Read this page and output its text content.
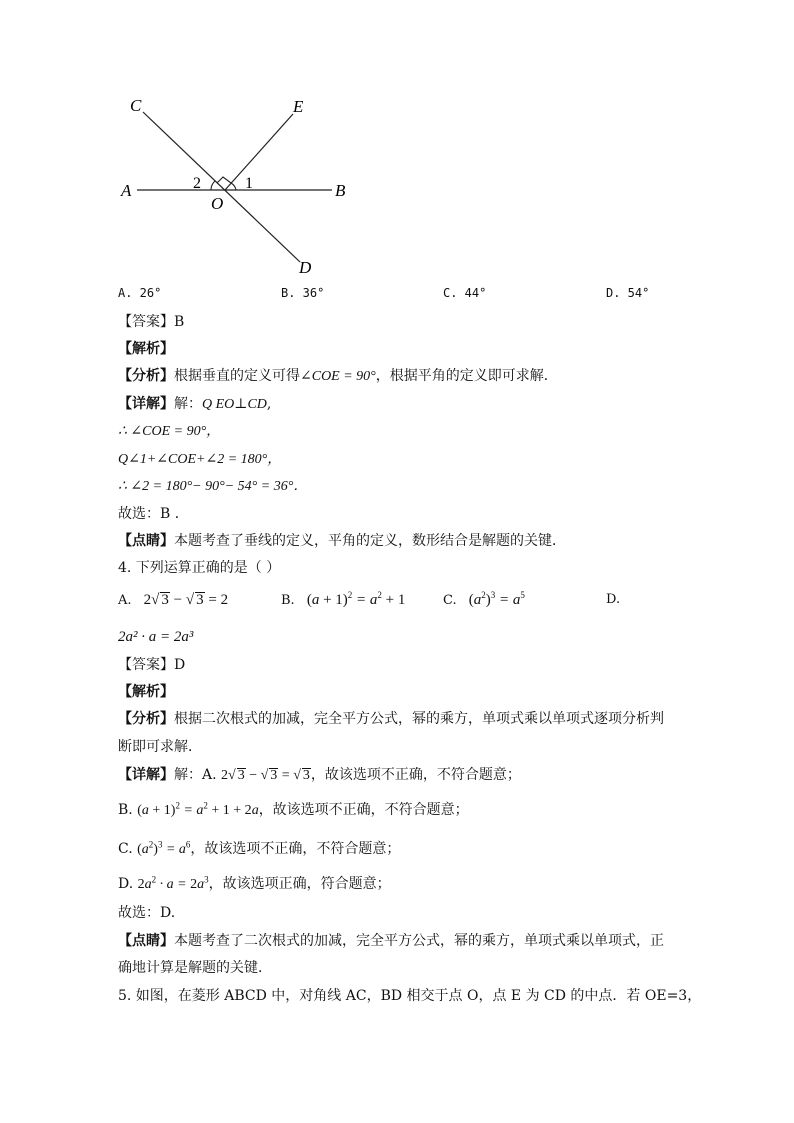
C	E
A	B
O
D
1
2
A. 26°	B. 36°	C. 44°	D. 54°
【答案】B
【解析】
【分析】根据垂直的定义可得∠COE = 90°，根据平角的定义即可求解．
【详解】解：Q EO⊥CD,
∴ ∠COE = 90°，
Q∠1+∠COE+∠2 = 180°，
∴ ∠2 = 180°− 90°− 54° = 36°．
故选：B ．
【点睛】本题考查了垂线的定义，平角的定义，数形结合是解题的关键．
4. 下列运算正确的是（ ）
A. 2√ 3 − √ 3 = 2	B. $(a + 1)^2 = a^2 + 1$	C. $(a^2)^3 = a^5$	D.
2a² · a = 2a³
【答案】D
【解析】
【分析】根据二次根式的加减，完全平方公式，幂的乘方，单项式乘以单项式逐项分析判
断即可求解．
【详解】解：A. 2√ 3 − √ 3 = √ 3，故该选项不正确，不符合题意；
B. $(a + 1)^2 = a^2 + 1 + 2a$，故该选项不正确，不符合题意；
C. $(a^2)^3 = a^6$，故该选项不正确，不符合题意；
D. $2a^2 \cdot a = 2a^3$，故该选项正确，符合题意；
故选：D.
【点睛】本题考查了二次根式的加减，完全平方公式，幂的乘方，单项式乘以单项式，正
确地计算是解题的关键．
5. 如图，在菱形 ABCD 中，对角线 AC，BD 相交于点 O，点 E 为 CD 的中点．若 OE=3，
